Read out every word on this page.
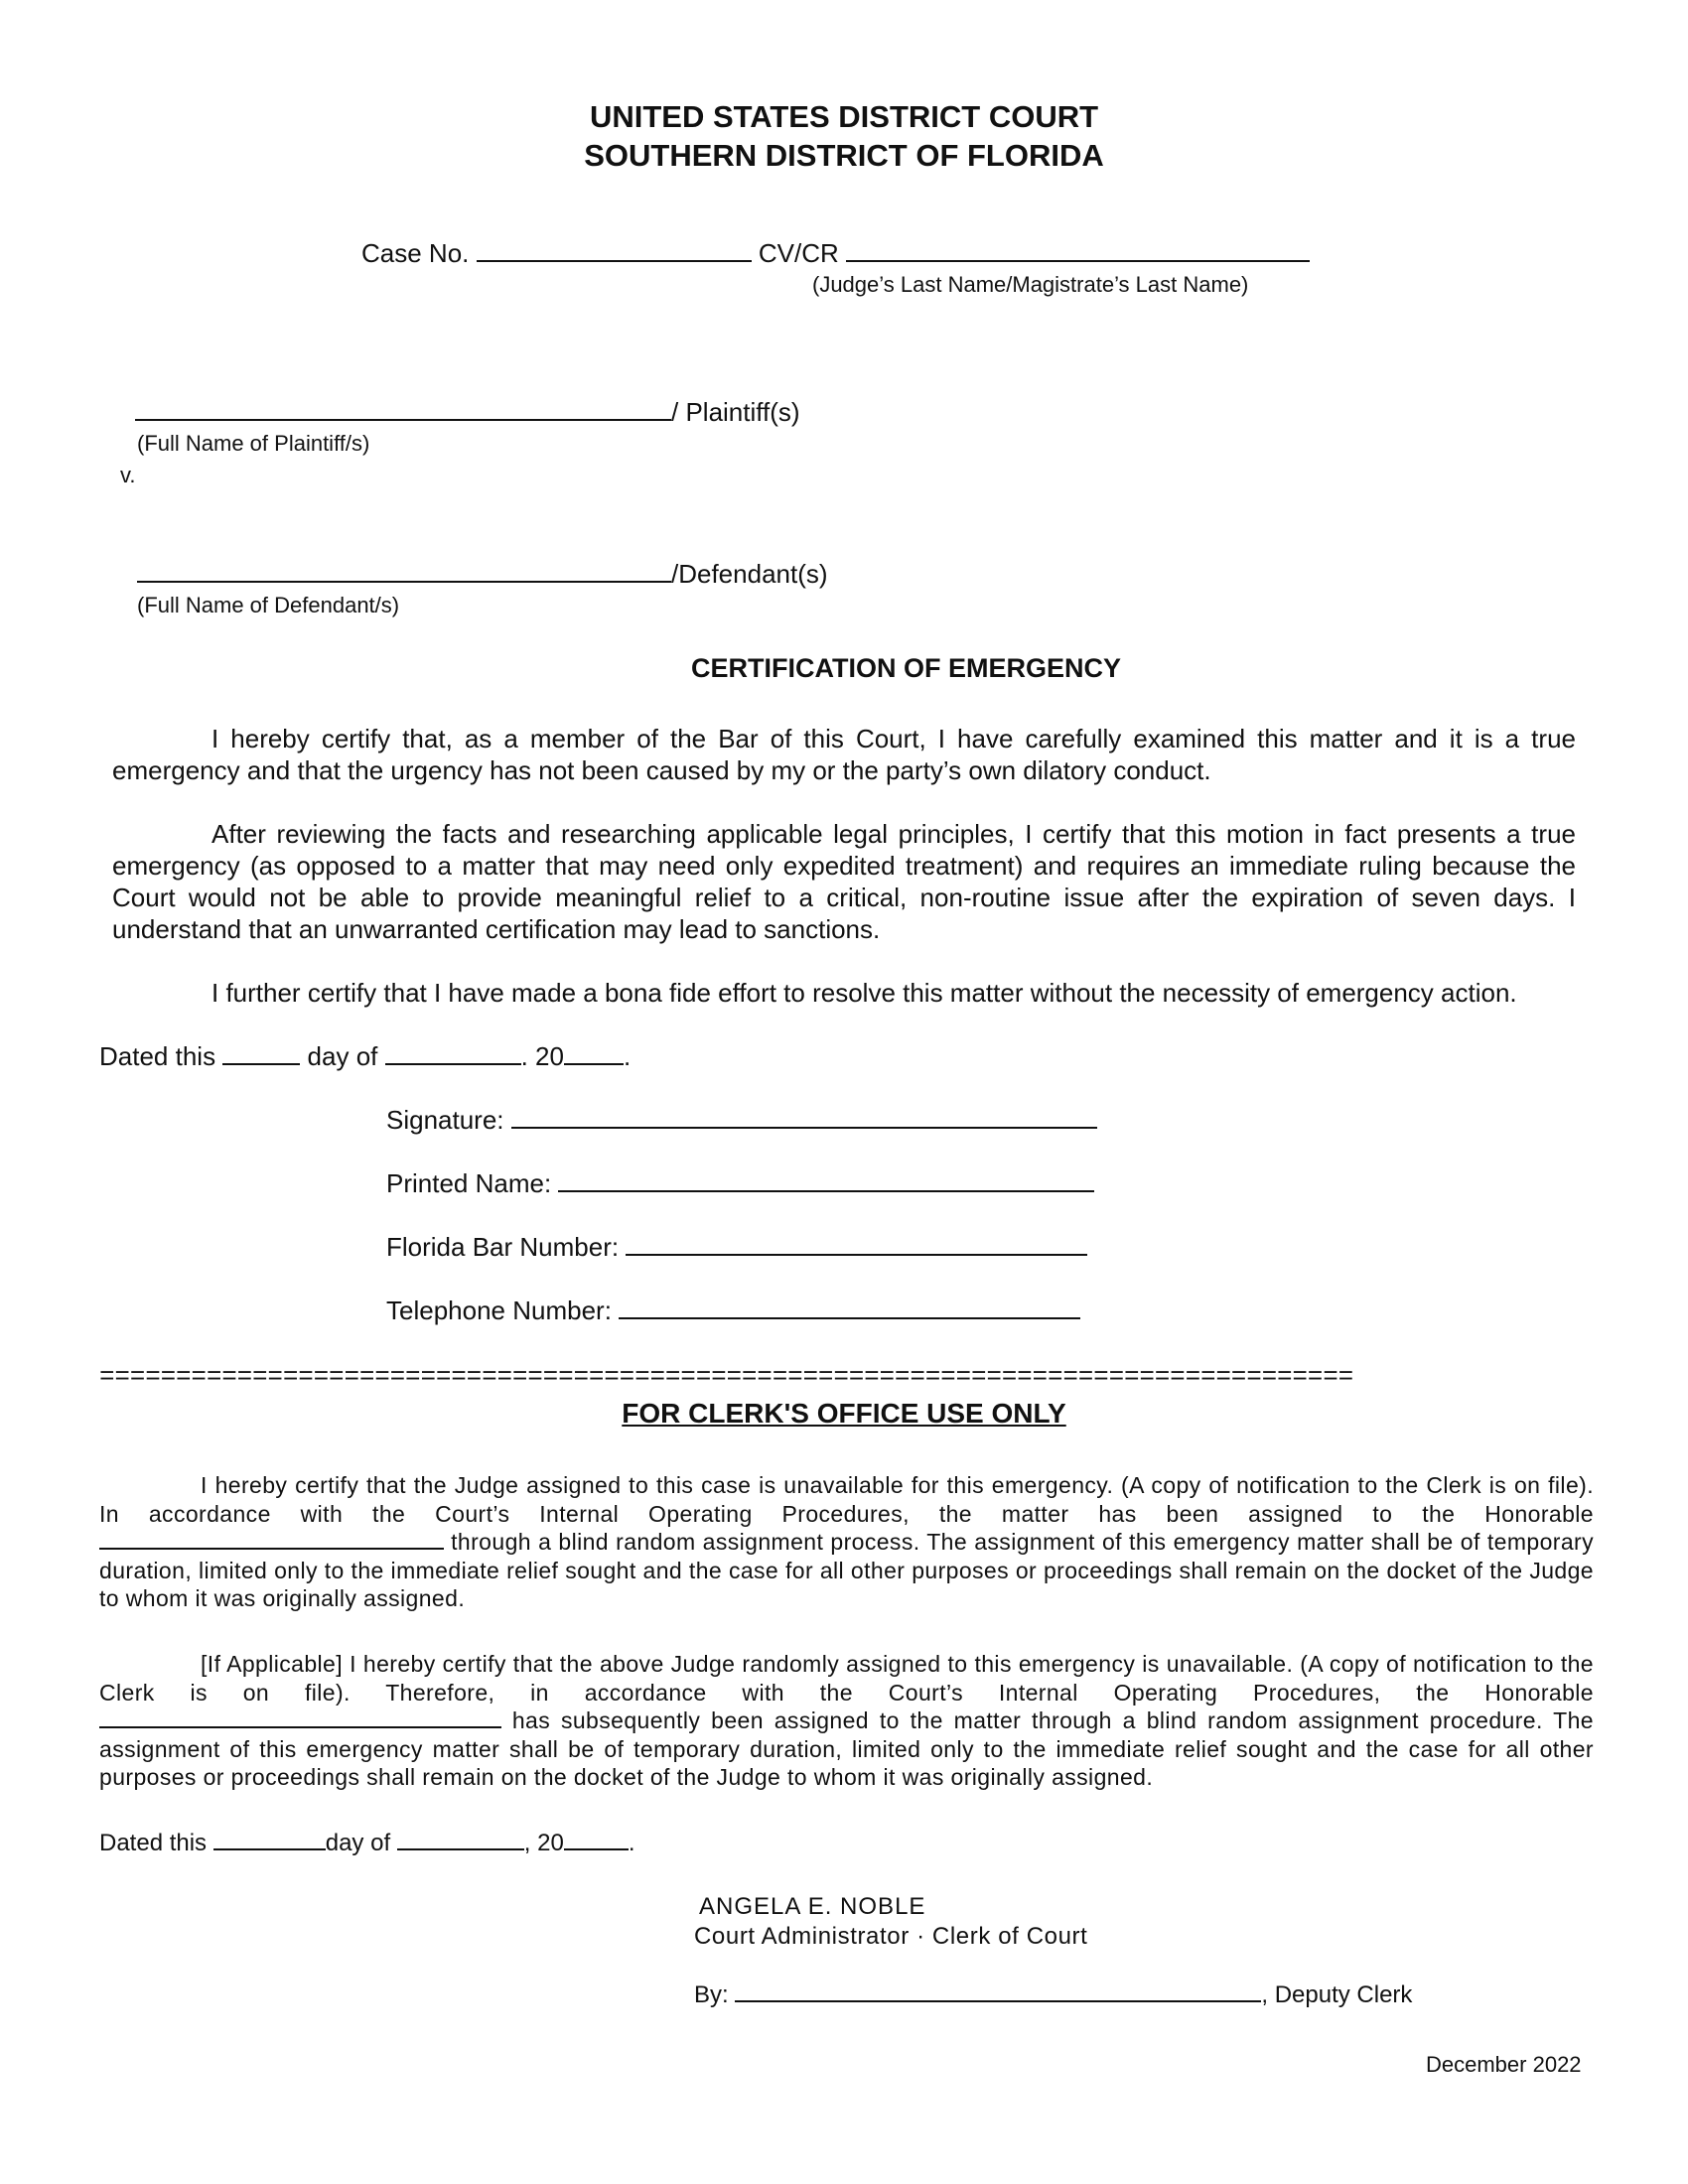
UNITED STATES DISTRICT COURT
SOUTHERN DISTRICT OF FLORIDA
Case No.	CV/CR
(Judge’s Last Name/Magistrate’s Last Name)
/ Plaintiff(s)
(Full Name of Plaintiff/s)
v.
/Defendant(s)
(Full Name of Defendant/s)
CERTIFICATION OF EMERGENCY
I hereby certify that, as a member of the Bar of this Court, I have carefully examined this matter and it is a true emergency and that the urgency has not been caused by my or the party’s own dilatory conduct.
After reviewing the facts and researching applicable legal principles, I certify that this motion in fact presents a true emergency (as opposed to a matter that may need only expedited treatment) and requires an immediate ruling because the Court would not be able to provide meaningful relief to a critical, non-routine issue after the expiration of seven days. I understand that an unwarranted certification may lead to sanctions.
I further certify that I have made a bona fide effort to resolve this matter without the necessity of emergency action.
Dated this	day of	. 20 .
Signature:
Printed Name:
Florida Bar Number:
Telephone Number:
==================================================================================
FOR CLERK'S OFFICE USE ONLY
I hereby certify that the Judge assigned to this case is unavailable for this emergency. (A copy of notification to the Clerk is on file). In accordance with the Court’s Internal Operating Procedures, the matter has been assigned to the Honorable  through a blind random assignment process. The assignment of this emergency matter shall be of temporary duration, limited only to the immediate relief sought and the case for all other purposes or proceedings shall remain on the docket of the Judge to whom it was originally assigned.
[If Applicable] I hereby certify that the above Judge randomly assigned to this emergency is unavailable. (A copy of notification to the Clerk is on file). Therefore, in accordance with the Court’s Internal Operating Procedures, the Honorable  has subsequently been assigned to the matter through a blind random assignment procedure. The assignment of this emergency matter shall be of temporary duration, limited only to the immediate relief sought and the case for all other purposes or proceedings shall remain on the docket of the Judge to whom it was originally assigned.
Dated this	day of	, 20	.
ANGELA E. NOBLE
Court Administrator · Clerk of Court
By:	, Deputy Clerk
December 2022
